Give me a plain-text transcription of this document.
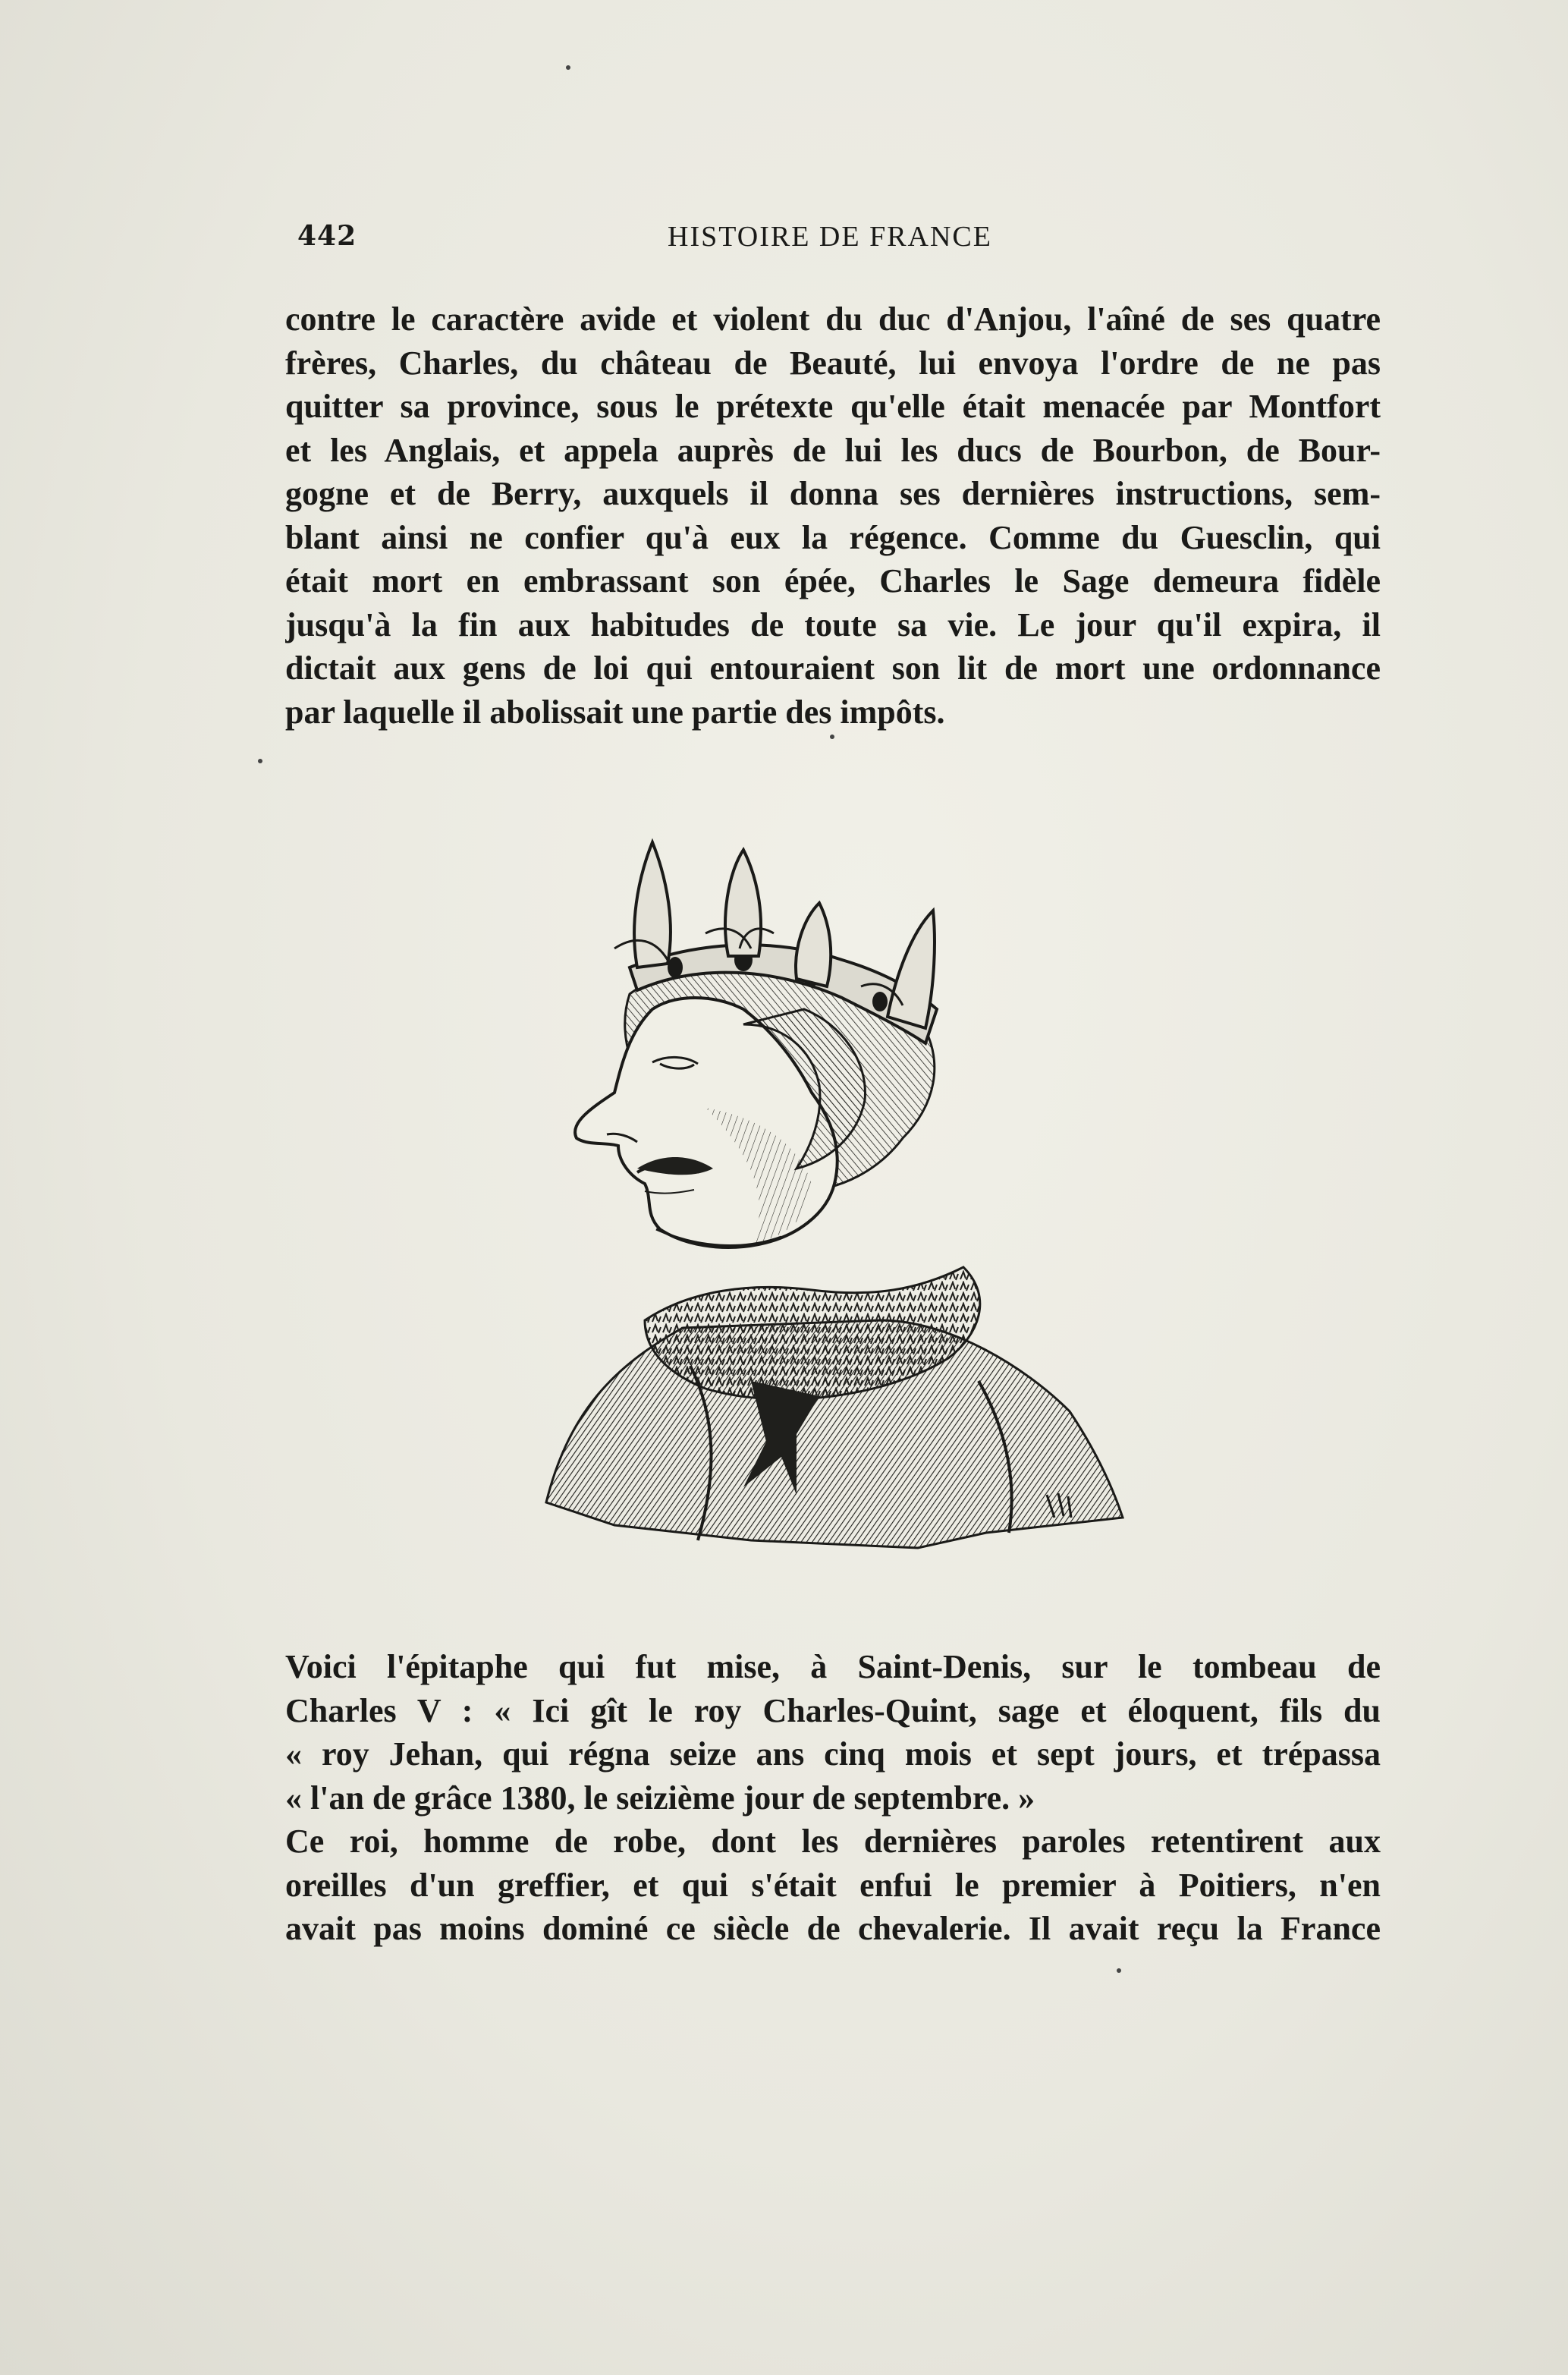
442	HISTOIRE DE FRANCE
contre le caractère avide et violent du duc d'Anjou, l'aîné de ses quatre
frères, Charles, du château de Beauté, lui envoya l'ordre de ne pas
quitter sa province, sous le prétexte qu'elle était menacée par Montfort
et les Anglais, et appela auprès de lui les ducs de Bourbon, de Bour-
gogne et de Berry, auxquels il donna ses dernières instructions, sem-
blant ainsi ne confier qu'à eux la régence. Comme du Guesclin, qui
était mort en embrassant son épée, Charles le Sage demeura fidèle
jusqu'à la fin aux habitudes de toute sa vie. Le jour qu'il expira, il
dictait aux gens de loi qui entouraient son lit de mort une ordonnance
par laquelle il abolissait une partie des impôts.
Voici l'épitaphe qui fut mise, à Saint-Denis, sur le tombeau de
Charles V : « Ici gît le roy Charles-Quint, sage et éloquent, fils du
« roy Jehan, qui régna seize ans cinq mois et sept jours, et trépassa
« l'an de grâce 1380, le seizième jour de septembre. »
Ce roi, homme de robe, dont les dernières paroles retentirent aux
oreilles d'un greffier, et qui s'était enfui le premier à Poitiers, n'en
avait pas moins dominé ce siècle de chevalerie. Il avait reçu la France
